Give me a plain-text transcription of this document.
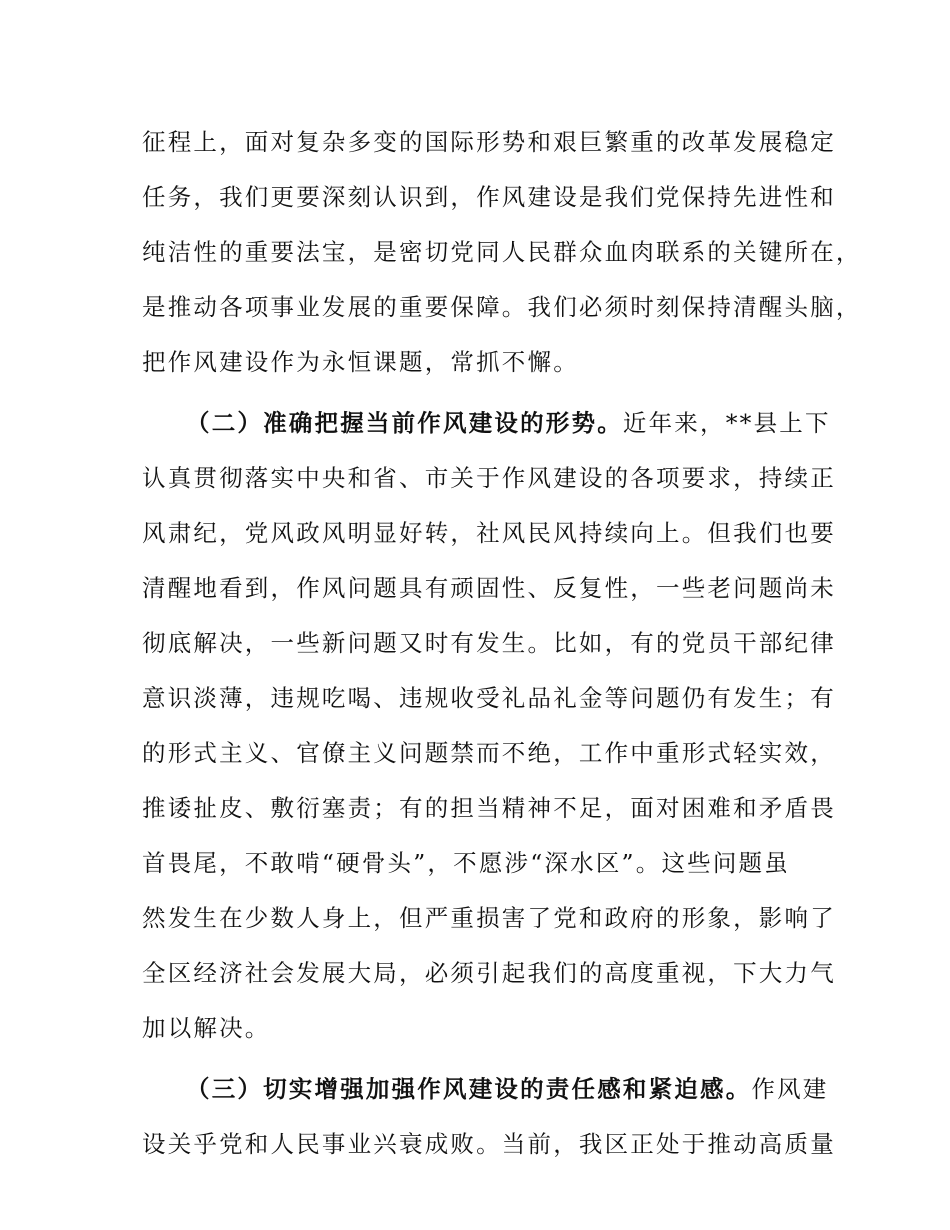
征程上，面对复杂多变的国际形势和艰巨繁重的改革发展稳定
任务，我们更要深刻认识到，作风建设是我们党保持先进性和
纯洁性的重要法宝，是密切党同人民群众血肉联系的关键所在，
是推动各项事业发展的重要保障。我们必须时刻保持清醒头脑，
把作风建设作为永恒课题，常抓不懈。
（二）准确把握当前作风建设的形势。近年来，**县上下
认真贯彻落实中央和省、市关于作风建设的各项要求，持续正
风肃纪，党风政风明显好转，社风民风持续向上。但我们也要
清醒地看到，作风问题具有顽固性、反复性，一些老问题尚未
彻底解决，一些新问题又时有发生。比如，有的党员干部纪律
意识淡薄，违规吃喝、违规收受礼品礼金等问题仍有发生；有
的形式主义、官僚主义问题禁而不绝，工作中重形式轻实效，
推诿扯皮、敷衍塞责；有的担当精神不足，面对困难和矛盾畏
首畏尾，不敢啃“硬骨头”，不愿涉“深水区”。这些问题虽
然发生在少数人身上，但严重损害了党和政府的形象，影响了
全区经济社会发展大局，必须引起我们的高度重视，下大力气
加以解决。
（三）切实增强加强作风建设的责任感和紧迫感。作风建
设关乎党和人民事业兴衰成败。当前，我区正处于推动高质量
